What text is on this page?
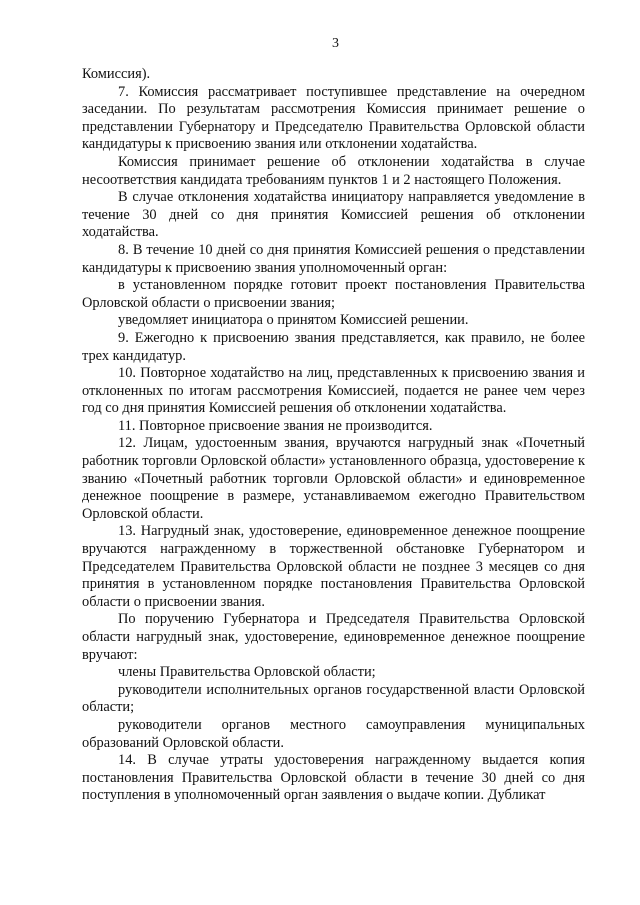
3

Комиссия).

7. Комиссия рассматривает поступившее представление на очередном заседании. По результатам рассмотрения Комиссия принимает решение о представлении Губернатору и Председателю Правительства Орловской области кандидатуры к присвоению звания или отклонении ходатайства.

Комиссия принимает решение об отклонении ходатайства в случае несоответствия кандидата требованиям пунктов 1 и 2 настоящего Положения.

В случае отклонения ходатайства инициатору направляется уведомление в течение 30 дней со дня принятия Комиссией решения об отклонении ходатайства.

8. В течение 10 дней со дня принятия Комиссией решения о представлении кандидатуры к присвоению звания уполномоченный орган:

в установленном порядке готовит проект постановления Правительства Орловской области о присвоении звания;

уведомляет инициатора о принятом Комиссией решении.

9. Ежегодно к присвоению звания представляется, как правило, не более трех кандидатур.

10. Повторное ходатайство на лиц, представленных к присвоению звания и отклоненных по итогам рассмотрения Комиссией, подается не ранее чем через год со дня принятия Комиссией решения об отклонении ходатайства.

11. Повторное присвоение звания не производится.

12. Лицам, удостоенным звания, вручаются нагрудный знак «Почетный работник торговли Орловской области» установленного образца, удостоверение к званию «Почетный работник торговли Орловской области» и единовременное денежное поощрение в размере, устанавливаемом ежегодно Правительством Орловской области.

13. Нагрудный знак, удостоверение, единовременное денежное поощрение вручаются награжденному в торжественной обстановке Губернатором и Председателем Правительства Орловской области не позднее 3 месяцев со дня принятия в установленном порядке постановления Правительства Орловской области о присвоении звания.

По поручению Губернатора и Председателя Правительства Орловской области нагрудный знак, удостоверение, единовременное денежное поощрение вручают:

члены Правительства Орловской области;

руководители исполнительных органов государственной власти Орловской области;

руководители органов местного самоуправления муниципальных образований Орловской области.

14. В случае утраты удостоверения награжденному выдается копия постановления Правительства Орловской области в течение 30 дней со дня поступления в уполномоченный орган заявления о выдаче копии. Дубликат
